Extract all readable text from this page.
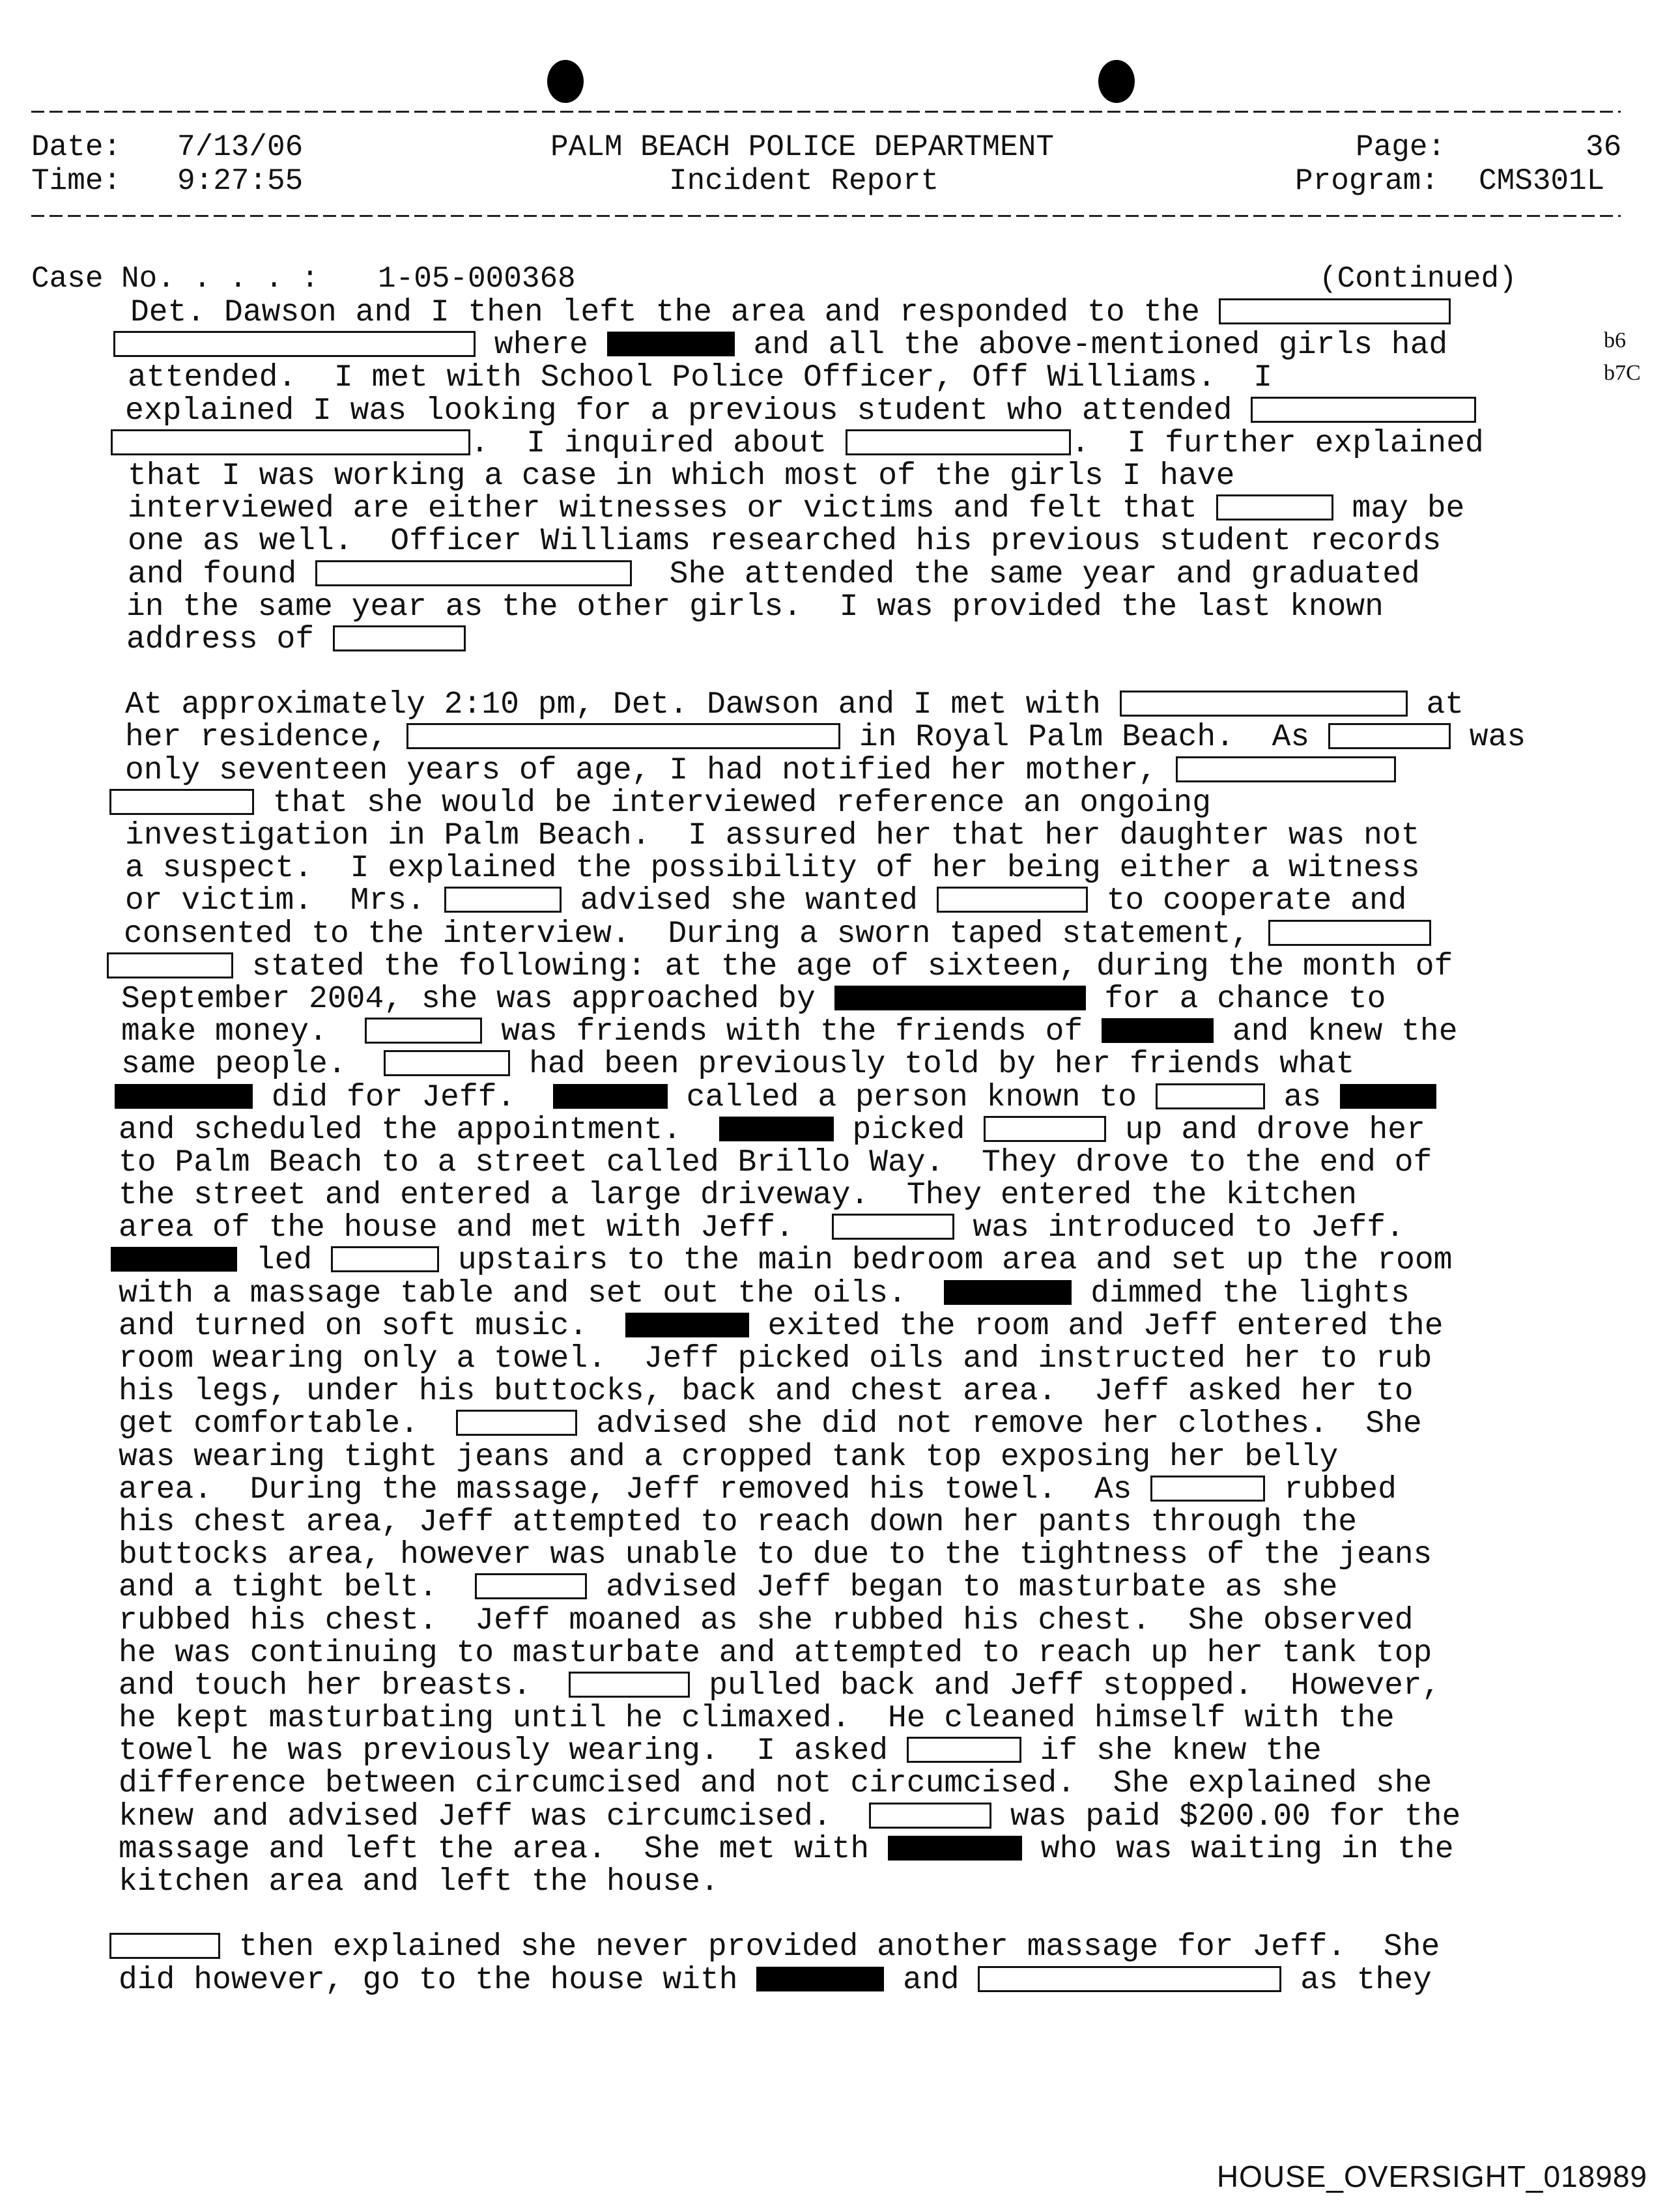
Date: 7/13/06
Time: 9:27:55
PALM BEACH POLICE DEPARTMENT
Incident Report
Page:	36
Program: CMS301L
Case No. . . . : 1-05-000368	(Continued)
b6
b7C
Det. Dawson and I then left the area and responded to the
where	and all the above-mentioned girls had
attended.  I met with School Police Officer, Off Williams.  I
explained I was looking for a previous student who attended
.  I inquired about	.  I further explained
that I was working a case in which most of the girls I have
interviewed are either witnesses or victims and felt that	may be
one as well.  Officer Williams researched his previous student records
and found	She attended the same year and graduated
in the same year as the other girls.  I was provided the last known
address of
At approximately 2:10 pm, Det. Dawson and I met with	at
her residence,	in Royal Palm Beach.  As	was
only seventeen years of age, I had notified her mother,
that she would be interviewed reference an ongoing
investigation in Palm Beach.  I assured her that her daughter was not
a suspect.  I explained the possibility of her being either a witness
or victim.  Mrs.	advised she wanted	to cooperate and
consented to the interview.  During a sworn taped statement,
stated the following: at the age of sixteen, during the month of
September 2004, she was approached by	for a chance to
make money.	was friends with the friends of	and knew the
same people.	had been previously told by her friends what
did for Jeff.	called a person known to	as
and scheduled the appointment.	picked	up and drove her
to Palm Beach to a street called Brillo Way.  They drove to the end of
the street and entered a large driveway.  They entered the kitchen
area of the house and met with Jeff.	was introduced to Jeff.
led	upstairs to the main bedroom area and set up the room
with a massage table and set out the oils.	dimmed the lights
and turned on soft music.	exited the room and Jeff entered the
room wearing only a towel.  Jeff picked oils and instructed her to rub
his legs, under his buttocks, back and chest area.  Jeff asked her to
get comfortable.	advised she did not remove her clothes.  She
was wearing tight jeans and a cropped tank top exposing her belly
area.  During the massage, Jeff removed his towel.  As	rubbed
his chest area, Jeff attempted to reach down her pants through the
buttocks area, however was unable to due to the tightness of the jeans
and a tight belt.	advised Jeff began to masturbate as she
rubbed his chest.  Jeff moaned as she rubbed his chest.  She observed
he was continuing to masturbate and attempted to reach up her tank top
and touch her breasts.	pulled back and Jeff stopped.  However,
he kept masturbating until he climaxed.  He cleaned himself with the
towel he was previously wearing.  I asked	if she knew the
difference between circumcised and not circumcised.  She explained she
knew and advised Jeff was circumcised.	was paid $200.00 for the
massage and left the area.  She met with	who was waiting in the
kitchen area and left the house.
then explained she never provided another massage for Jeff.  She
did however, go to the house with	and	as they
HOUSE_OVERSIGHT_018989
